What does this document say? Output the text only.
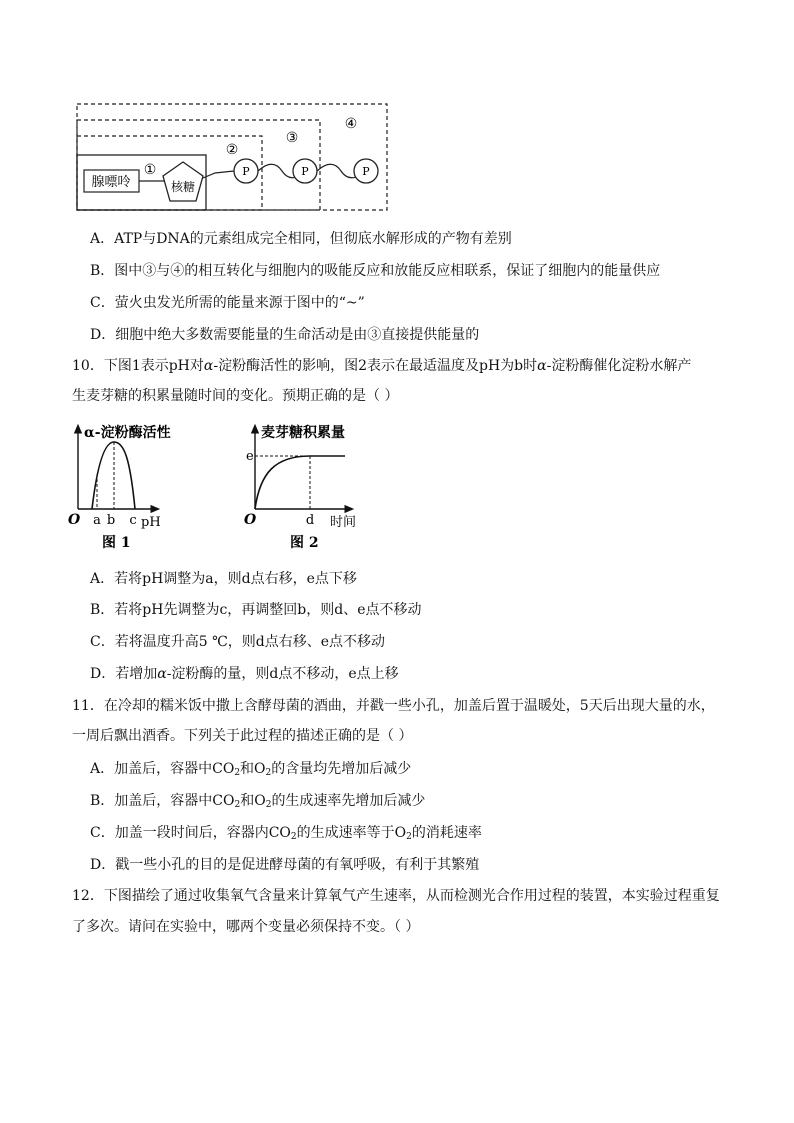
腺嘌呤	核糖
P	P	P
①
②
③
④
A．ATP与DNA的元素组成完全相同，但彻底水解形成的产物有差别
B．图中③与④的相互转化与细胞内的吸能反应和放能反应相联系，保证了细胞内的能量供应
C．萤火虫发光所需的能量来源于图中的“~”
D．细胞中绝大多数需要能量的生命活动是由③直接提供能量的
10．下图1表示pH对α-淀粉酶活性的影响，图2表示在最适温度及pH为b时α-淀粉酶催化淀粉水解产
生麦芽糖的积累量随时间的变化。预期正确的是（ ）
α-淀粉酶活性
O a b c pH
图 1
麦芽糖积累量
e
O	d 时间
图 2
A．若将pH调整为a，则d点右移，e点下移
B．若将pH先调整为c，再调整回b，则d、e点不移动
C．若将温度升高5 ℃，则d点右移、e点不移动
D．若增加α-淀粉酶的量，则d点不移动，e点上移
11．在冷却的糯米饭中撒上含酵母菌的酒曲，并戳一些小孔，加盖后置于温暖处，5天后出现大量的水，
一周后飘出酒香。下列关于此过程的描述正确的是（ ）
A．加盖后，容器中$CO_2$和$O_2$的含量均先增加后减少
B．加盖后，容器中$CO_2$和$O_2$的生成速率先增加后减少
C．加盖一段时间后，容器内$CO_2$的生成速率等于$O_2$的消耗速率
D．戳一些小孔的目的是促进酵母菌的有氧呼吸，有利于其繁殖
12．下图描绘了通过收集氧气含量来计算氧气产生速率，从而检测光合作用过程的装置，本实验过程重复
了多次。请问在实验中，哪两个变量必须保持不变。（ ）
